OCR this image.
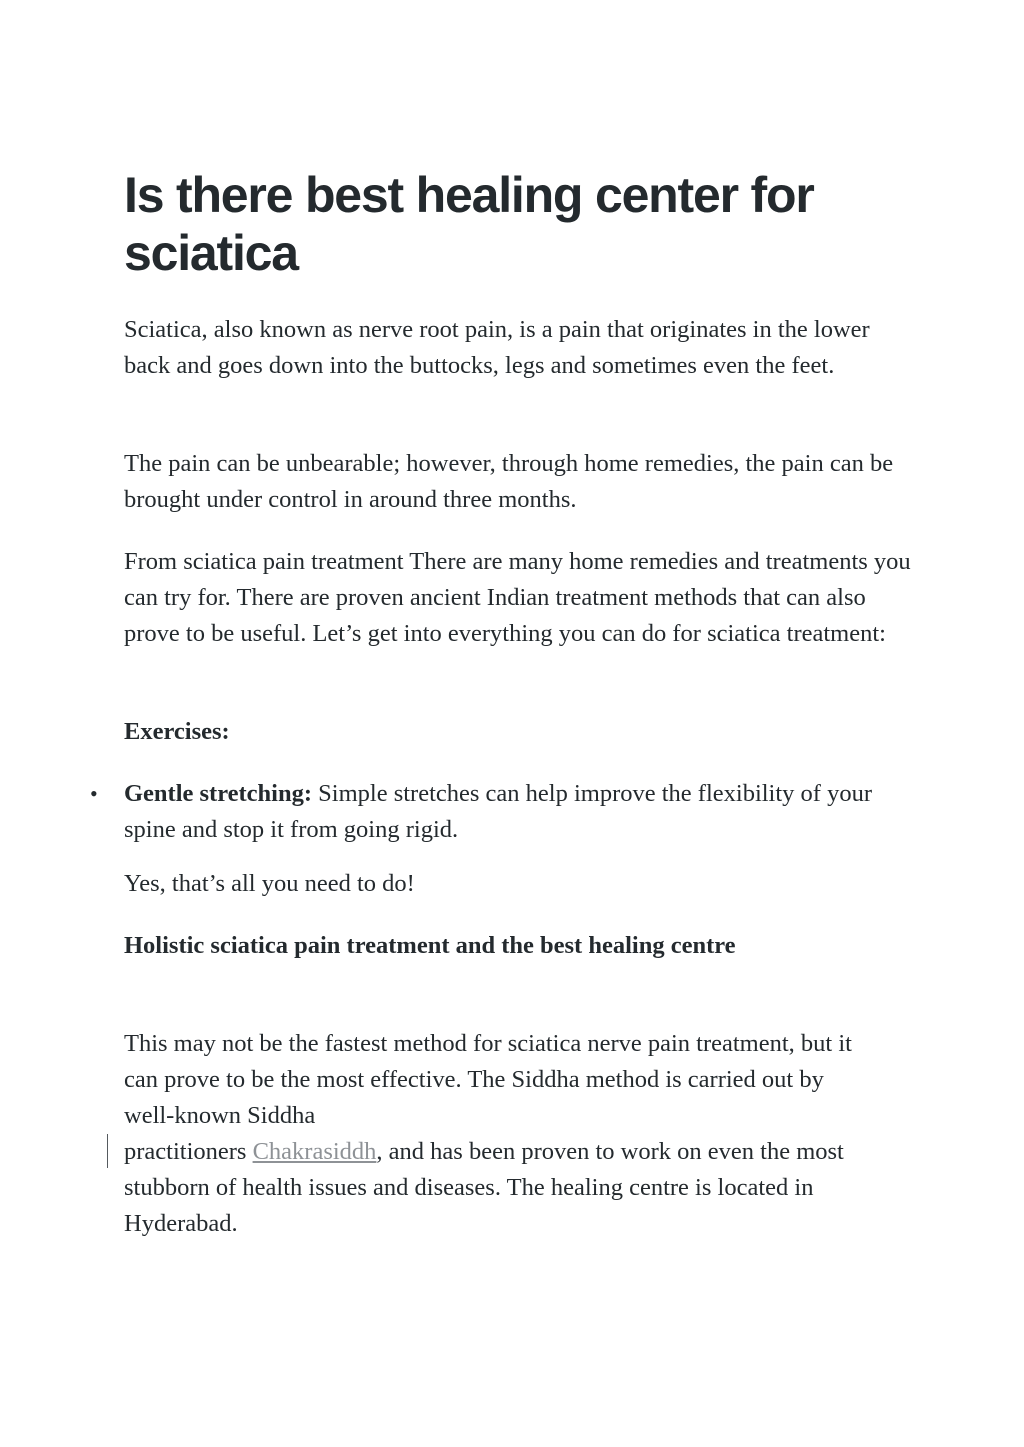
Is there best healing center for sciatica

Sciatica, also known as nerve root pain, is a pain that originates in the lower back and goes down into the buttocks, legs and sometimes even the feet.

The pain can be unbearable; however, through home remedies, the pain can be brought under control in around three months.

From sciatica pain treatment There are many home remedies and treatments you can try for. There are proven ancient Indian treatment methods that can also prove to be useful. Let’s get into everything you can do for sciatica treatment:

Exercises:

• Gentle stretching: Simple stretches can help improve the flexibility of your spine and stop it from going rigid.

Yes, that’s all you need to do!

Holistic sciatica pain treatment and the best healing centre

This may not be the fastest method for sciatica nerve pain treatment, but it can prove to be the most effective. The Siddha method is carried out by well-known Siddha

practitioners Chakrasiddh, and has been proven to work on even the most stubborn of health issues and diseases. The healing centre is located in Hyderabad.
